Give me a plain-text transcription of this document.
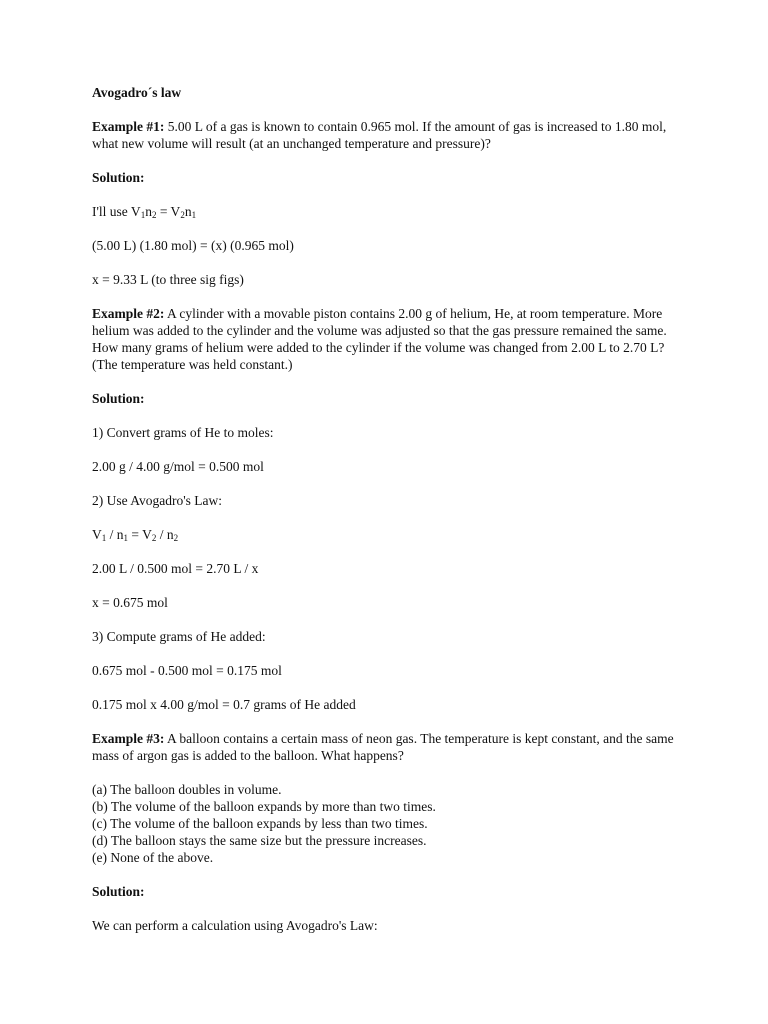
Avogadro´s law

Example #1: 5.00 L of a gas is known to contain 0.965 mol. If the amount of gas is increased to 1.80 mol, what new volume will result (at an unchanged temperature and pressure)?

Solution:

I'll use $V_1n_2 = V_2n_1$

(5.00 L) (1.80 mol) = (x) (0.965 mol)

x = 9.33 L (to three sig figs)

Example #2: A cylinder with a movable piston contains 2.00 g of helium, He, at room temperature. More helium was added to the cylinder and the volume was adjusted so that the gas pressure remained the same. How many grams of helium were added to the cylinder if the volume was changed from 2.00 L to 2.70 L? (The temperature was held constant.)

Solution:

1) Convert grams of He to moles:

2.00 g / 4.00 g/mol = 0.500 mol

2) Use Avogadro's Law:

$V_1 / n_1 = V_2 / n_2$

2.00 L / 0.500 mol = 2.70 L / x

x = 0.675 mol

3) Compute grams of He added:

0.675 mol - 0.500 mol = 0.175 mol

0.175 mol x 4.00 g/mol = 0.7 grams of He added

Example #3: A balloon contains a certain mass of neon gas. The temperature is kept constant, and the same mass of argon gas is added to the balloon. What happens?

(a) The balloon doubles in volume.

(b) The volume of the balloon expands by more than two times.

(c) The volume of the balloon expands by less than two times.

(d) The balloon stays the same size but the pressure increases.

(e) None of the above.

Solution:

We can perform a calculation using Avogadro's Law:
